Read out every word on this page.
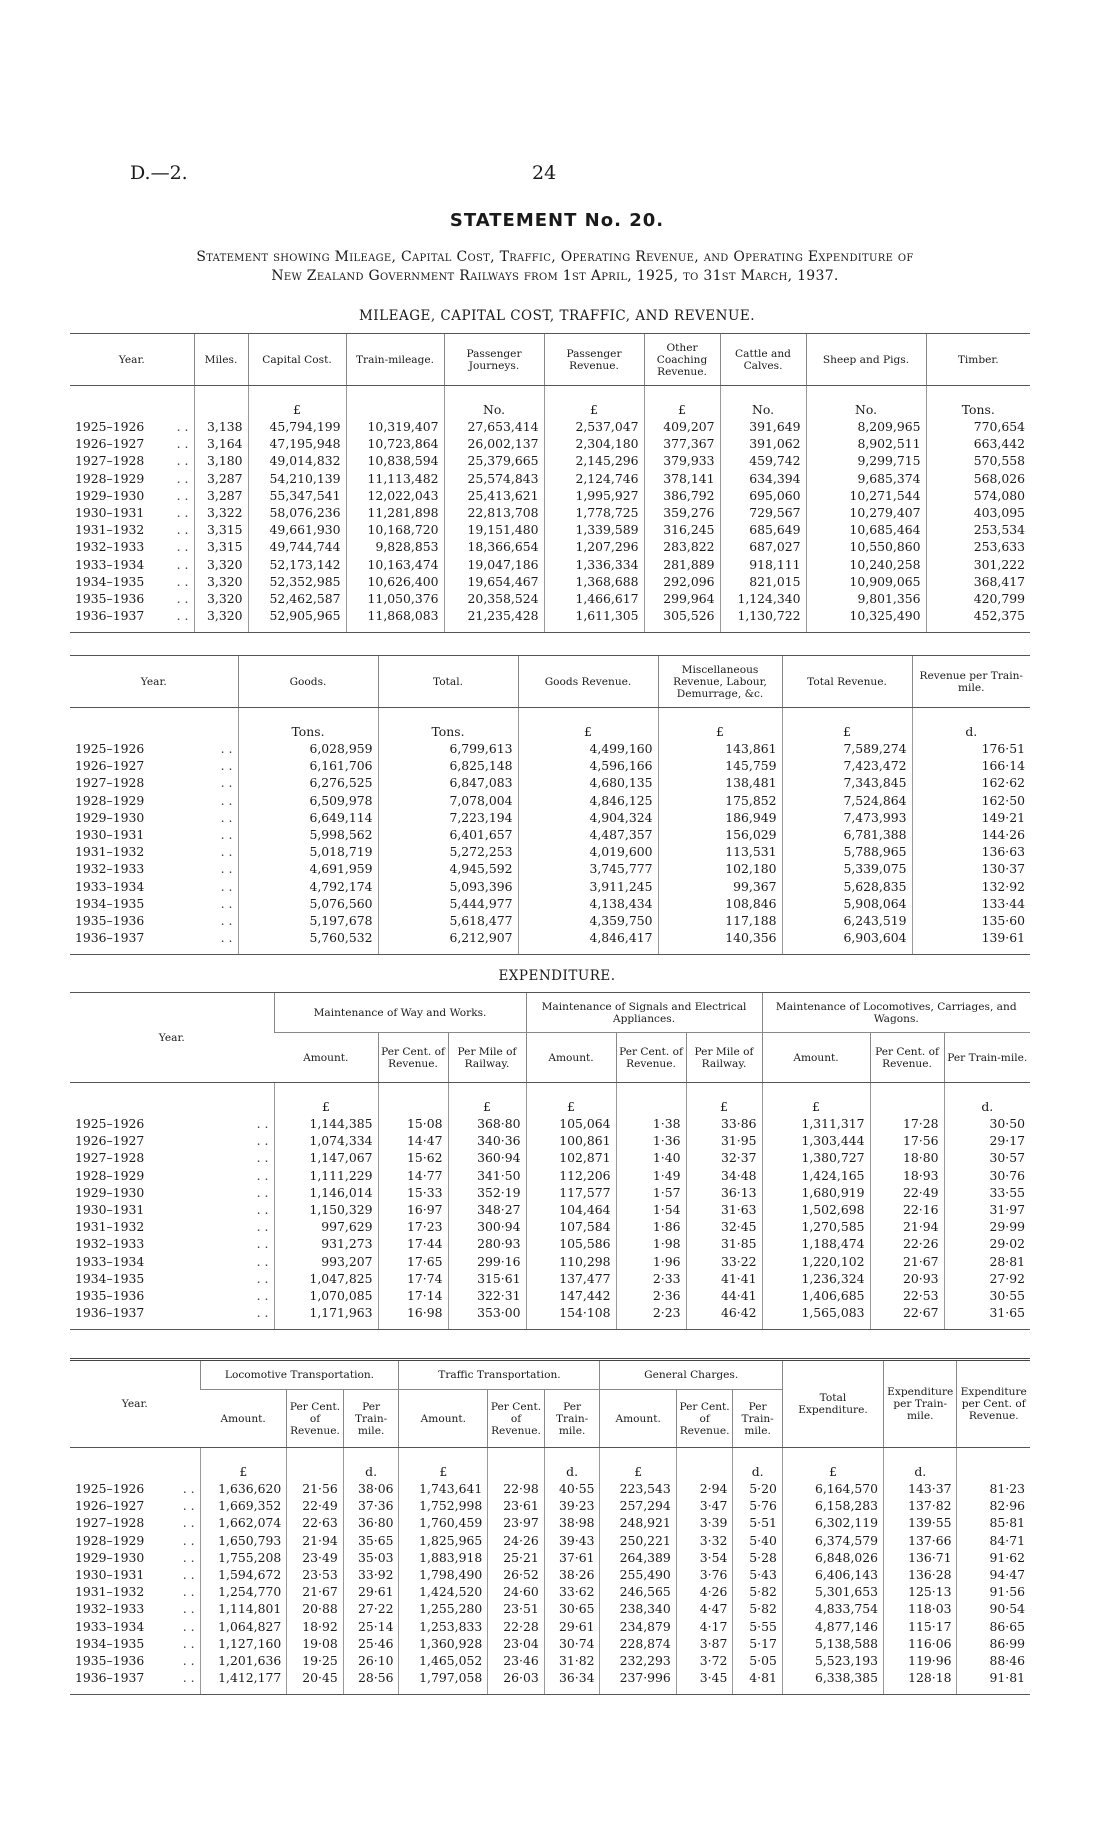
D.—2.	24
STATEMENT No. 20.
Statement showing Mileage, Capital Cost, Traffic, Operating Revenue, and Operating Expenditure of
New Zealand Government Railways from 1st April, 1925, to 31st March, 1937.
MILEAGE, CAPITAL COST, TRAFFIC, AND REVENUE.
Year.	Miles.	Capital Cost.	Train-mileage.	Passenger Journeys.	Passenger Revenue.	Other Coaching Revenue.	Cattle and Calves.	Sheep and Pigs.	Timber.

		£		No.	£	£	No.	No.	Tons.
1925–1926 . .	3,138	45,794,199	10,319,407	27,653,414	2,537,047	409,207	391,649	8,209,965	770,654
1926–1927 . .	3,164	47,195,948	10,723,864	26,002,137	2,304,180	377,367	391,062	8,902,511	663,442
1927–1928 . .	3,180	49,014,832	10,838,594	25,379,665	2,145,296	379,933	459,742	9,299,715	570,558
1928–1929 . .	3,287	54,210,139	11,113,482	25,574,843	2,124,746	378,141	634,394	9,685,374	568,026
1929–1930 . .	3,287	55,347,541	12,022,043	25,413,621	1,995,927	386,792	695,060	10,271,544	574,080
1930–1931 . .	3,322	58,076,236	11,281,898	22,813,708	1,778,725	359,276	729,567	10,279,407	403,095
1931–1932 . .	3,315	49,661,930	10,168,720	19,151,480	1,339,589	316,245	685,649	10,685,464	253,534
1932–1933 . .	3,315	49,744,744	9,828,853	18,366,654	1,207,296	283,822	687,027	10,550,860	253,633
1933–1934 . .	3,320	52,173,142	10,163,474	19,047,186	1,336,334	281,889	918,111	10,240,258	301,222
1934–1935 . .	3,320	52,352,985	10,626,400	19,654,467	1,368,688	292,096	821,015	10,909,065	368,417
1935–1936 . .	3,320	52,462,587	11,050,376	20,358,524	1,466,617	299,964	1,124,340	9,801,356	420,799
1936–1937 . .	3,320	52,905,965	11,868,083	21,235,428	1,611,305	305,526	1,130,722	10,325,490	452,375
Year.	Goods.	Total.	Goods Revenue.	Miscellaneous Revenue, Labour, Demurrage, &c.	Total Revenue.	Revenue per Train-mile.

	Tons.	Tons.	£	£	£	d.
1925–1926 . .	6,028,959	6,799,613	4,499,160	143,861	7,589,274	176·51
1926–1927 . .	6,161,706	6,825,148	4,596,166	145,759	7,423,472	166·14
1927–1928 . .	6,276,525	6,847,083	4,680,135	138,481	7,343,845	162·62
1928–1929 . .	6,509,978	7,078,004	4,846,125	175,852	7,524,864	162·50
1929–1930 . .	6,649,114	7,223,194	4,904,324	186,949	7,473,993	149·21
1930–1931 . .	5,998,562	6,401,657	4,487,357	156,029	6,781,388	144·26
1931–1932 . .	5,018,719	5,272,253	4,019,600	113,531	5,788,965	136·63
1932–1933 . .	4,691,959	4,945,592	3,745,777	102,180	5,339,075	130·37
1933–1934 . .	4,792,174	5,093,396	3,911,245	99,367	5,628,835	132·92
1934–1935 . .	5,076,560	5,444,977	4,138,434	108,846	5,908,064	133·44
1935–1936 . .	5,197,678	5,618,477	4,359,750	117,188	6,243,519	135·60
1936–1937 . .	5,760,532	6,212,907	4,846,417	140,356	6,903,604	139·61
EXPENDITURE.
Year.	Maintenance of Way and Works.			Maintenance of Signals and Electrical Appliances.			Maintenance of Locomotives, Carriages, and Wagons.		
	Amount.	Per Cent. of Revenue.	Per Mile of Railway.	Amount.	Per Cent. of Revenue.	Per Mile of Railway.	Amount.	Per Cent. of Revenue.	Per Train-mile.

	£		£	£		£	£		d.
1925–1926 . .	1,144,385	15·08	368·80	105,064	1·38	33·86	1,311,317	17·28	30·50
1926–1927 . .	1,074,334	14·47	340·36	100,861	1·36	31·95	1,303,444	17·56	29·17
1927–1928 . .	1,147,067	15·62	360·94	102,871	1·40	32·37	1,380,727	18·80	30·57
1928–1929 . .	1,111,229	14·77	341·50	112,206	1·49	34·48	1,424,165	18·93	30·76
1929–1930 . .	1,146,014	15·33	352·19	117,577	1·57	36·13	1,680,919	22·49	33·55
1930–1931 . .	1,150,329	16·97	348·27	104,464	1·54	31·63	1,502,698	22·16	31·97
1931–1932 . .	997,629	17·23	300·94	107,584	1·86	32·45	1,270,585	21·94	29·99
1932–1933 . .	931,273	17·44	280·93	105,586	1·98	31·85	1,188,474	22·26	29·02
1933–1934 . .	993,207	17·65	299·16	110,298	1·96	33·22	1,220,102	21·67	28·81
1934–1935 . .	1,047,825	17·74	315·61	137,477	2·33	41·41	1,236,324	20·93	27·92
1935–1936 . .	1,070,085	17·14	322·31	147,442	2·36	44·41	1,406,685	22·53	30·55
1936–1937 . .	1,171,963	16·98	353·00	154·108	2·23	46·42	1,565,083	22·67	31·65
Year.	Locomotive Transportation.			Traffic Transportation.			General Charges.			Total Expenditure.	Expenditure per Train-mile.	Expenditure per Cent. of Revenue.
	Amount.	Per Cent. of Revenue.	Per Train-mile.	Amount.	Per Cent. of Revenue.	Per Train-mile.	Amount.	Per Cent. of Revenue.	Per Train-mile.			

	£		d.	£		d.	£		d.	£	d.	
1925–1926 . .	1,636,620	21·56	38·06	1,743,641	22·98	40·55	223,543	2·94	5·20	6,164,570	143·37	81·23
1926–1927 . .	1,669,352	22·49	37·36	1,752,998	23·61	39·23	257,294	3·47	5·76	6,158,283	137·82	82·96
1927–1928 . .	1,662,074	22·63	36·80	1,760,459	23·97	38·98	248,921	3·39	5·51	6,302,119	139·55	85·81
1928–1929 . .	1,650,793	21·94	35·65	1,825,965	24·26	39·43	250,221	3·32	5·40	6,374,579	137·66	84·71
1929–1930 . .	1,755,208	23·49	35·03	1,883,918	25·21	37·61	264,389	3·54	5·28	6,848,026	136·71	91·62
1930–1931 . .	1,594,672	23·53	33·92	1,798,490	26·52	38·26	255,490	3·76	5·43	6,406,143	136·28	94·47
1931–1932 . .	1,254,770	21·67	29·61	1,424,520	24·60	33·62	246,565	4·26	5·82	5,301,653	125·13	91·56
1932–1933 . .	1,114,801	20·88	27·22	1,255,280	23·51	30·65	238,340	4·47	5·82	4,833,754	118·03	90·54
1933–1934 . .	1,064,827	18·92	25·14	1,253,833	22·28	29·61	234,879	4·17	5·55	4,877,146	115·17	86·65
1934–1935 . .	1,127,160	19·08	25·46	1,360,928	23·04	30·74	228,874	3·87	5·17	5,138,588	116·06	86·99
1935–1936 . .	1,201,636	19·25	26·10	1,465,052	23·46	31·82	232,293	3·72	5·05	5,523,193	119·96	88·46
1936–1937 . .	1,412,177	20·45	28·56	1,797,058	26·03	36·34	237·996	3·45	4·81	6,338,385	128·18	91·81
